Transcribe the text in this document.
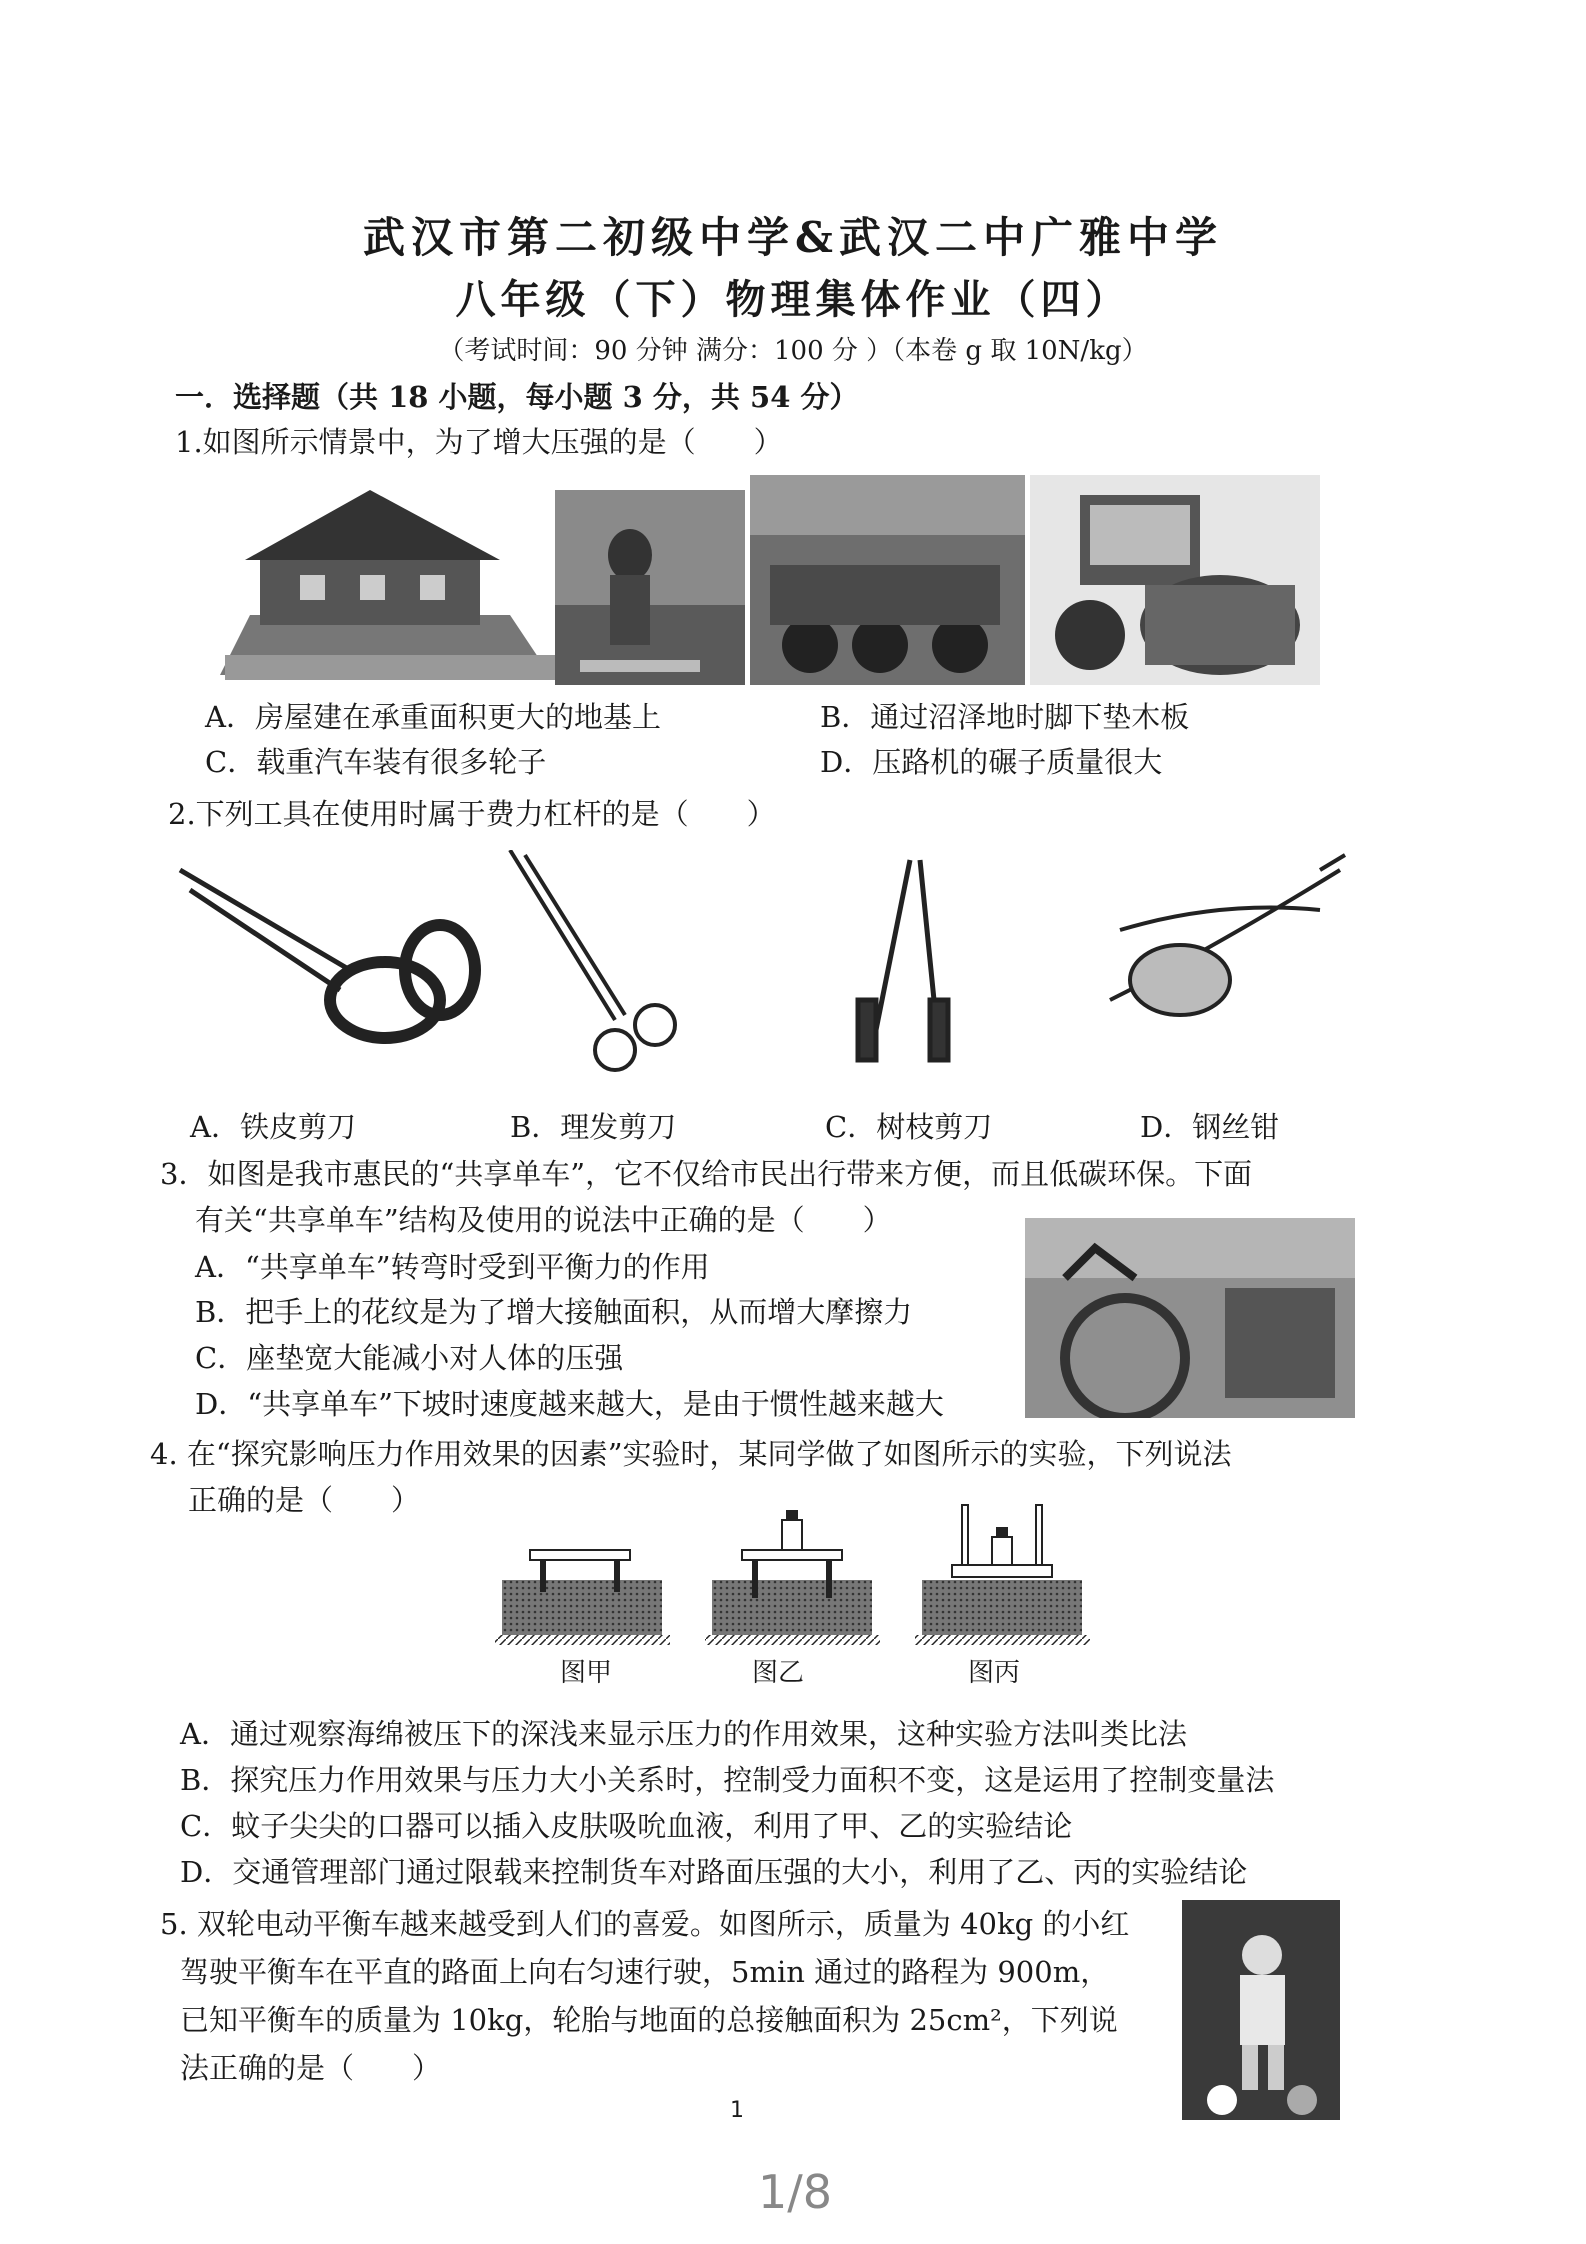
武汉市第二初级中学&武汉二中广雅中学
八年级（下）物理集体作业（四）
（考试时间：90 分钟 满分：100 分 ）（本卷 g 取 10N/kg）
一．选择题（共 18 小题，每小题 3 分，共 54 分）
1.如图所示情景中，为了增大压强的是（　　）
A．房屋建在承重面积更大的地基上	B．通过沼泽地时脚下垫木板
C．载重汽车装有很多轮子	D．压路机的碾子质量很大
2.下列工具在使用时属于费力杠杆的是（　　）
A．铁皮剪刀	B．理发剪刀	C．树枝剪刀	D．钢丝钳
3．如图是我市惠民的“共享单车”，它不仅给市民出行带来方便，而且低碳环保。下面
有关“共享单车”结构及使用的说法中正确的是（　　）
A．“共享单车”转弯时受到平衡力的作用
B．把手上的花纹是为了增大接触面积，从而增大摩擦力
C．座垫宽大能减小对人体的压强
D．“共享单车”下坡时速度越来越大，是由于惯性越来越大
4. 在“探究影响压力作用效果的因素”实验时，某同学做了如图所示的实验，下列说法
正确的是（　　）
图甲	图乙	图丙
A．通过观察海绵被压下的深浅来显示压力的作用效果，这种实验方法叫类比法
B．探究压力作用效果与压力大小关系时，控制受力面积不变，这是运用了控制变量法
C．蚊子尖尖的口器可以插入皮肤吸吮血液，利用了甲、乙的实验结论
D．交通管理部门通过限载来控制货车对路面压强的大小，利用了乙、丙的实验结论
5. 双轮电动平衡车越来越受到人们的喜爱。如图所示，质量为 40kg 的小红
驾驶平衡车在平直的路面上向右匀速行驶，5min 通过的路程为 900m，
已知平衡车的质量为 10kg，轮胎与地面的总接触面积为 25cm²，下列说
法正确的是（　　）
1
1/8
